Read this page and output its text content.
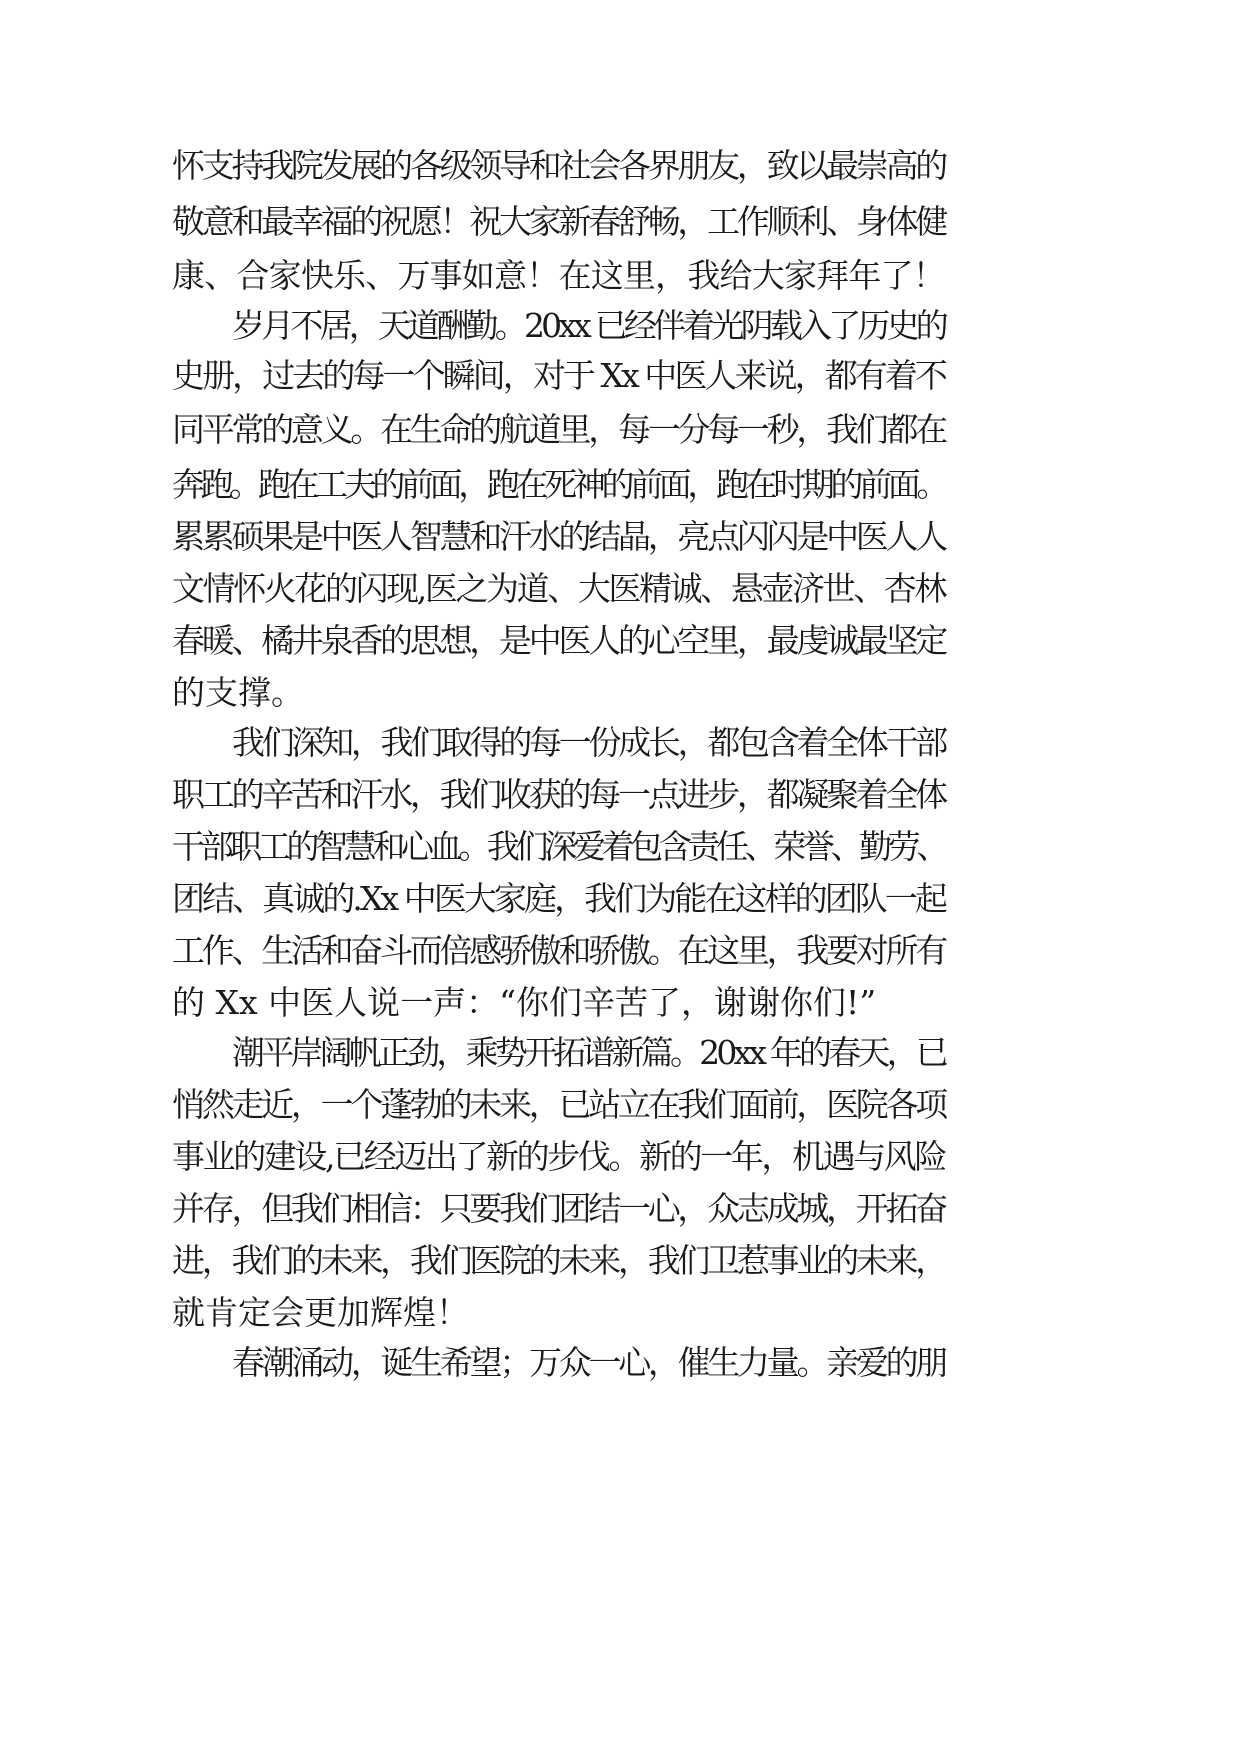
怀支持我院发展的各级领导和社会各界朋友，致以最崇高的
敬意和最幸福的祝愿！祝大家新春舒畅，工作顺利、身体健
康、合家快乐、万事如意！在这里，我给大家拜年了！
岁月不居，天道酬勤。20xx 已经伴着光阴载入了历史的
史册，过去的每一个瞬间，对于 Xx 中医人来说，都有着不
同平常的意义。在生命的航道里，每一分每一秒，我们都在
奔跑。跑在工夫的前面，跑在死神的前面，跑在时期的前面。
累累硕果是中医人智慧和汗水的结晶，亮点闪闪是中医人人
文情怀火花的闪现,医之为道、大医精诚、悬壶济世、杏林
春暖、橘井泉香的思想，是中医人的心空里，最虔诚最坚定
的支撑。
我们深知，我们取得的每一份成长，都包含着全体干部
职工的辛苦和汗水，我们收获的每一点进步，都凝聚着全体
干部职工的智慧和心血。我们深爱着包含责任、荣誉、勤劳、
团结、真诚的.Xx 中医大家庭，我们为能在这样的团队一起
工作、生活和奋斗而倍感骄傲和骄傲。在这里，我要对所有
的 Xx 中医人说一声：“你们辛苦了，谢谢你们!”
潮平岸阔帆正劲，乘势开拓谱新篇。20xx 年的春天，已
悄然走近，一个蓬勃的未来，已站立在我们面前，医院各项
事业的建设,已经迈出了新的步伐。新的一年，机遇与风险
并存，但我们相信：只要我们团结一心，众志成城，开拓奋
进，我们的未来，我们医院的未来，我们卫惹事业的未来，
就肯定会更加辉煌！
春潮涌动，诞生希望；万众一心，催生力量。亲爱的朋
